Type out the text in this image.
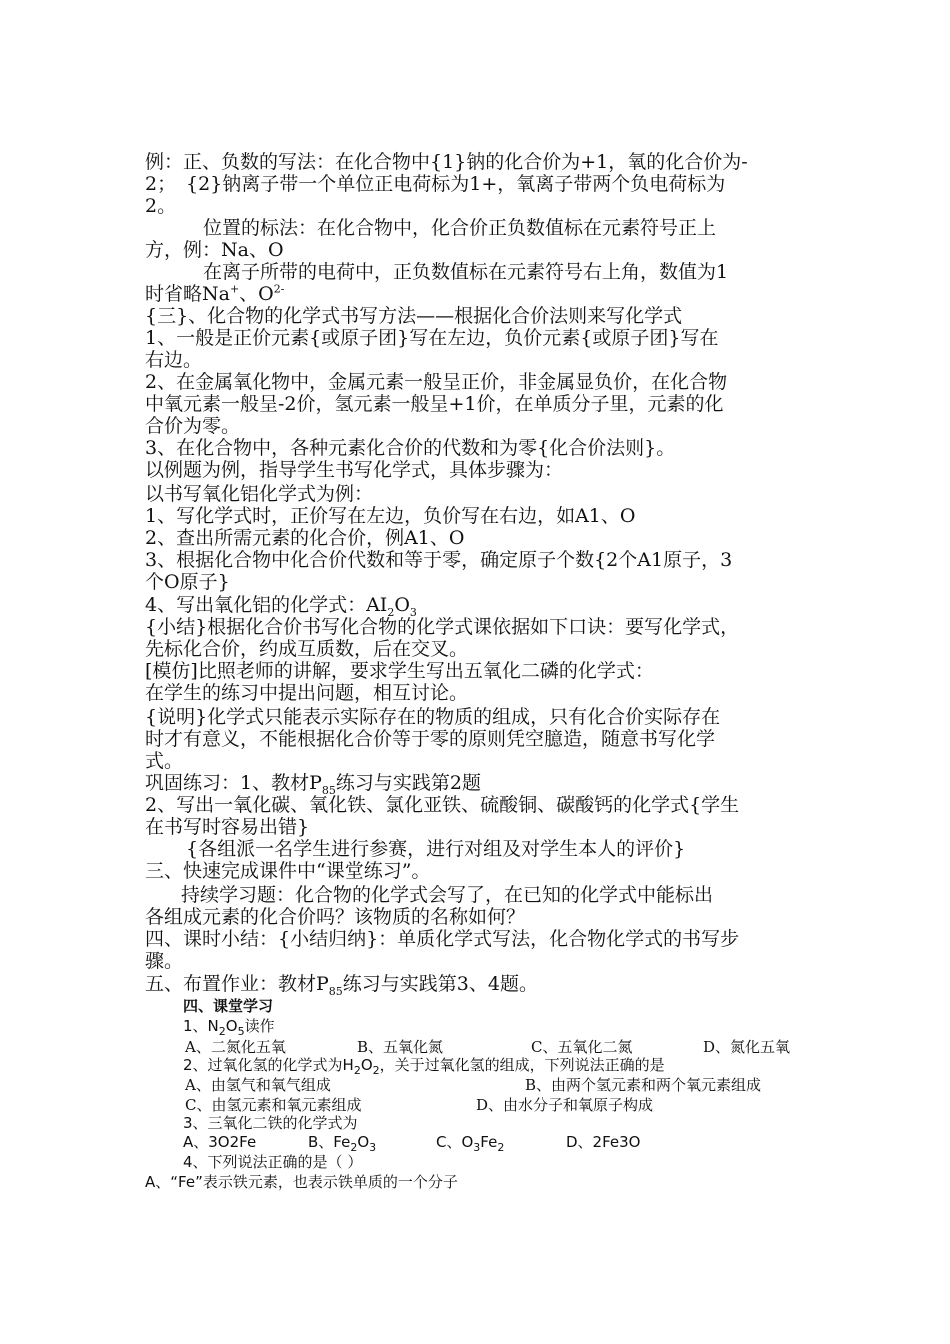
例：正、负数的写法：在化合物中{1}钠的化合价为+1，氧的化合价为-
2； {2}钠离子带一个单位正电荷标为1+，氧离子带两个负电荷标为
2。
位置的标法：在化合物中，化合价正负数值标在元素符号正上
方，例：Na、O
在离子所带的电荷中，正负数值标在元素符号右上角，数值为1
时省略Na+、$O^{2-}$
{三}、化合物的化学式书写方法——根据化合价法则来写化学式
1、一般是正价元素{或原子团}写在左边，负价元素{或原子团}写在
右边。
2、在金属氧化物中，金属元素一般呈正价，非金属显负价，在化合物
中氧元素一般呈-2价，氢元素一般呈+1价，在单质分子里，元素的化
合价为零。
3、在化合物中，各种元素化合价的代数和为零{化合价法则}。
以例题为例，指导学生书写化学式，具体步骤为：
以书写氧化铝化学式为例：
1、写化学式时，正价写在左边，负价写在右边，如A1、O
2、查出所需元素的化合价，例A1、O
3、根据化合物中化合价代数和等于零，确定原子个数{2个A1原子，3
个O原子}
4、写出氧化铝的化学式：$AI_2O_3$
{小结}根据化合价书写化合物的化学式课依据如下口诀：要写化学式，
先标化合价，约成互质数，后在交叉。
[模仿]比照老师的讲解，要求学生写出五氧化二磷的化学式：
在学生的练习中提出问题，相互讨论。
{说明}化学式只能表示实际存在的物质的组成，只有化合价实际存在
时才有意义，不能根据化合价等于零的原则凭空臆造，随意书写化学
式。
巩固练习：1、教材$P_{85}$练习与实践第2题
2、写出一氧化碳、氧化铁、氯化亚铁、硫酸铜、碳酸钙的化学式{学生
在书写时容易出错}
{各组派一名学生进行参赛，进行对组及对学生本人的评价}
三、快速完成课件中“课堂练习”。
持续学习题：化合物的化学式会写了，在已知的化学式中能标出
各组成元素的化合价吗？该物质的名称如何？
四、课时小结：{小结归纳}：单质化学式写法，化合物化学式的书写步
骤。
五、布置作业：教材$P_{85}$练习与实践第3、4题。
四、课堂学习
1、$N_2O_5$读作
A、二氮化五氧	B、五氧化氮	C、五氧化二氮	D、氮化五氧
2、过氧化氢的化学式为$H_2O_2$，关于过氧化氢的组成，下列说法正确的是
A、由氢气和氧气组成	B、由两个氢元素和两个氧元素组成
C、由氢元素和氧元素组成	D、由水分子和氧原子构成
3、三氧化二铁的化学式为
A、3O2Fe	B、$Fe_2O_3$	C、$O_3Fe_2$	D、2Fe3O
4、下列说法正确的是（ ）
A、“Fe”表示铁元素，也表示铁单质的一个分子
